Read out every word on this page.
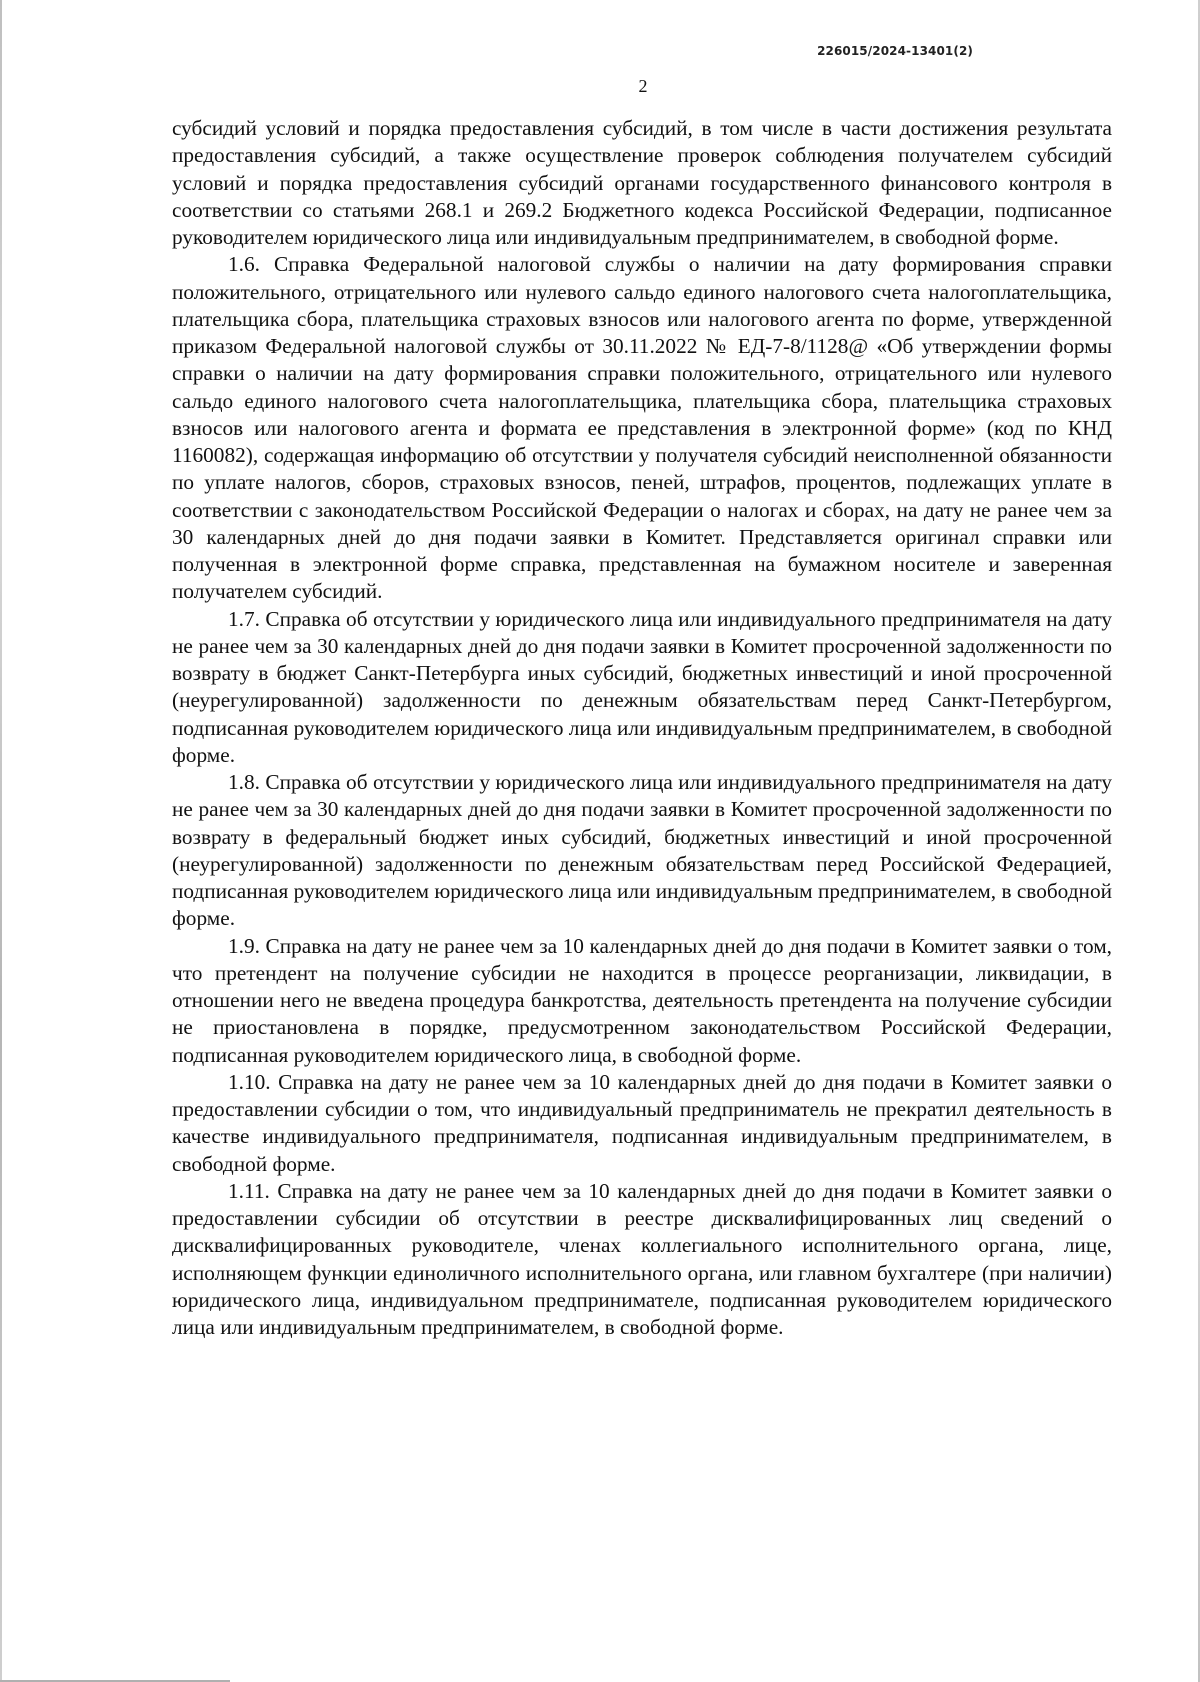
226015/2024-13401(2)
2

субсидий условий и порядка предоставления субсидий, в том числе в части достижения результата предоставления субсидий, а также осуществление проверок соблюдения получателем субсидий условий и порядка предоставления субсидий органами государственного финансового контроля в соответствии со статьями 268.1 и 269.2 Бюджетного кодекса Российской Федерации, подписанное руководителем юридического лица или индивидуальным предпринимателем, в свободной форме.

1.6. Справка Федеральной налоговой службы о наличии на дату формирования справки положительного, отрицательного или нулевого сальдо единого налогового счета налогоплательщика, плательщика сбора, плательщика страховых взносов или налогового агента по форме, утвержденной приказом Федеральной налоговой службы от 30.11.2022 № ЕД-7-8/1128@ «Об утверждении формы справки о наличии на дату формирования справки положительного, отрицательного или нулевого сальдо единого налогового счета налогоплательщика, плательщика сбора, плательщика страховых взносов или налогового агента и формата ее представления в электронной форме» (код по КНД 1160082), содержащая информацию об отсутствии у получателя субсидий неисполненной обязанности по уплате налогов, сборов, страховых взносов, пеней, штрафов, процентов, подлежащих уплате в соответствии с законодательством Российской Федерации о налогах и сборах, на дату не ранее чем за 30 календарных дней до дня подачи заявки в Комитет. Представляется оригинал справки или полученная в электронной форме справка, представленная на бумажном носителе и заверенная получателем субсидий.

1.7. Справка об отсутствии у юридического лица или индивидуального предпринимателя на дату не ранее чем за 30 календарных дней до дня подачи заявки в Комитет просроченной задолженности по возврату в бюджет Санкт-Петербурга иных субсидий, бюджетных инвестиций и иной просроченной (неурегулированной) задолженности по денежным обязательствам перед Санкт-Петербургом, подписанная руководителем юридического лица или индивидуальным предпринимателем, в свободной форме.

1.8. Справка об отсутствии у юридического лица или индивидуального предпринимателя на дату не ранее чем за 30 календарных дней до дня подачи заявки в Комитет просроченной задолженности по возврату в федеральный бюджет иных субсидий, бюджетных инвестиций и иной просроченной (неурегулированной) задолженности по денежным обязательствам перед Российской Федерацией, подписанная руководителем юридического лица или индивидуальным предпринимателем, в свободной форме.

1.9. Справка на дату не ранее чем за 10 календарных дней до дня подачи в Комитет заявки о том, что претендент на получение субсидии не находится в процессе реорганизации, ликвидации, в отношении него не введена процедура банкротства, деятельность претендента на получение субсидии не приостановлена в порядке, предусмотренном законодательством Российской Федерации, подписанная руководителем юридического лица, в свободной форме.

1.10. Справка на дату не ранее чем за 10 календарных дней до дня подачи в Комитет заявки о предоставлении субсидии о том, что индивидуальный предприниматель не прекратил деятельность в качестве индивидуального предпринимателя, подписанная индивидуальным предпринимателем, в свободной форме.

1.11. Справка на дату не ранее чем за 10 календарных дней до дня подачи в Комитет заявки о предоставлении субсидии об отсутствии в реестре дисквалифицированных лиц сведений о дисквалифицированных руководителе, членах коллегиального исполнительного органа, лице, исполняющем функции единоличного исполнительного органа, или главном бухгалтере (при наличии) юридического лица, индивидуальном предпринимателе, подписанная руководителем юридического лица или индивидуальным предпринимателем, в свободной форме.
